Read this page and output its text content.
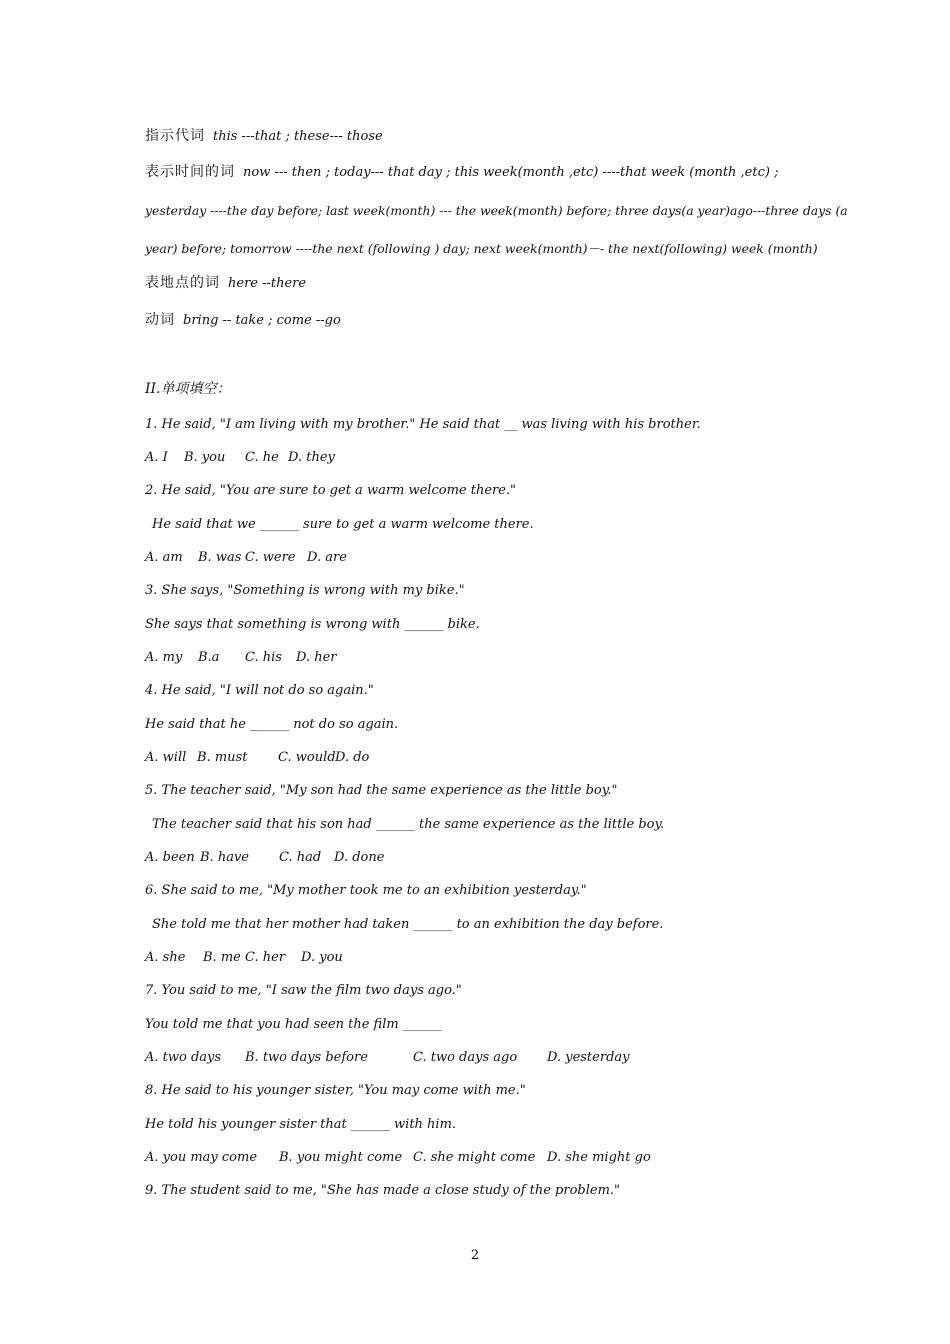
指示代词 this ---that ; these--- those
表示时间的词 now --- then ; today--- that day ; this week(month ,etc) ----that week (month ,etc) ;
yesterday ----the day before; last week(month) --- the week(month) before; three days(a year)ago---three days (a
year) before; tomorrow ----the next (following ) day; next week(month)－- the next(following) week (month)
表地点的词 here --there
动词 bring -- take ; come --go
II.单项填空：
1. He said, "I am living with my brother." He said that __ was living with his brother.
A. I B. you C. he D. they
2. He said, "You are sure to get a warm welcome there."
He said that we ______ sure to get a warm welcome there.
A. am B. was C. were D. are
3. She says, "Something is wrong with my bike."
She says that something is wrong with ______ bike.
A. my B.a C. his D. her
4. He said, "I will not do so again."
He said that he ______ not do so again.
A. will B. must C. wouldD. do
5. The teacher said, "My son had the same experience as the little boy."
The teacher said that his son had ______ the same experience as the little boy.
A. been B. have C. had D. done
6. She said to me, "My mother took me to an exhibition yesterday."
She told me that her mother had taken ______ to an exhibition the day before.
A. she B. me C. her D. you
7. You said to me, "I saw the film two days ago."
You told me that you had seen the film ______
A. two days B. two days before	C. two days ago D. yesterday
8. He said to his younger sister, "You may come with me."
He told his younger sister that ______ with him.
A. you may come B. you might come C. she might come D. she might go
9. The student said to me, "She has made a close study of the problem."
2
